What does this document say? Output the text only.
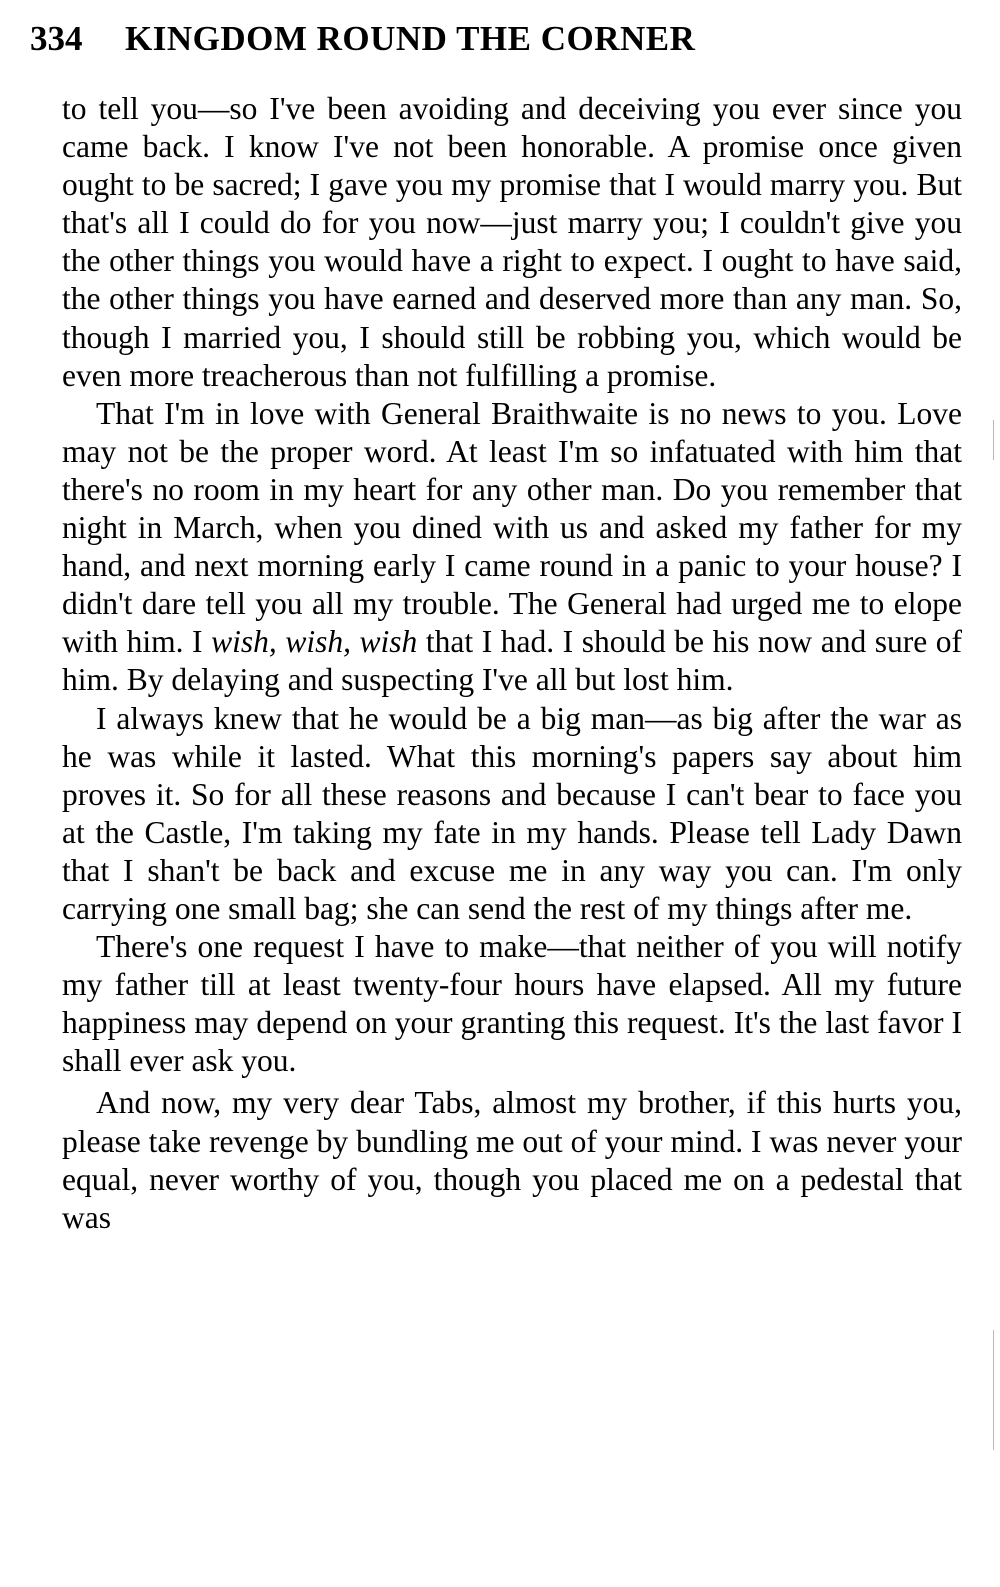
334 KINGDOM ROUND THE CORNER

to tell you—so I've been avoiding and deceiving you ever since you came back. I know I've not been honorable. A promise once given ought to be sacred; I gave you my promise that I would marry you. But that's all I could do for you now—just marry you; I couldn't give you the other things you would have a right to expect. I ought to have said, the other things you have earned and deserved more than any man. So, though I married you, I should still be robbing you, which would be even more treacherous than not fulfilling a promise.

That I'm in love with General Braithwaite is no news to you. Love may not be the proper word. At least I'm so infatuated with him that there's no room in my heart for any other man. Do you remember that night in March, when you dined with us and asked my father for my hand, and next morning early I came round in a panic to your house? I didn't dare tell you all my trouble. The General had urged me to elope with him. I wish, wish, wish that I had. I should be his now and sure of him. By delaying and suspecting I've all but lost him.

I always knew that he would be a big man—as big after the war as he was while it lasted. What this morning's papers say about him proves it. So for all these reasons and because I can't bear to face you at the Castle, I'm taking my fate in my hands. Please tell Lady Dawn that I shan't be back and excuse me in any way you can. I'm only carrying one small bag; she can send the rest of my things after me.

There's one request I have to make—that neither of you will notify my father till at least twenty-four hours have elapsed. All my future happiness may depend on your granting this request. It's the last favor I shall ever ask you.

And now, my very dear Tabs, almost my brother, if this hurts you, please take revenge by bundling me out of your mind. I was never your equal, never worthy of you, though you placed me on a pedestal that was
